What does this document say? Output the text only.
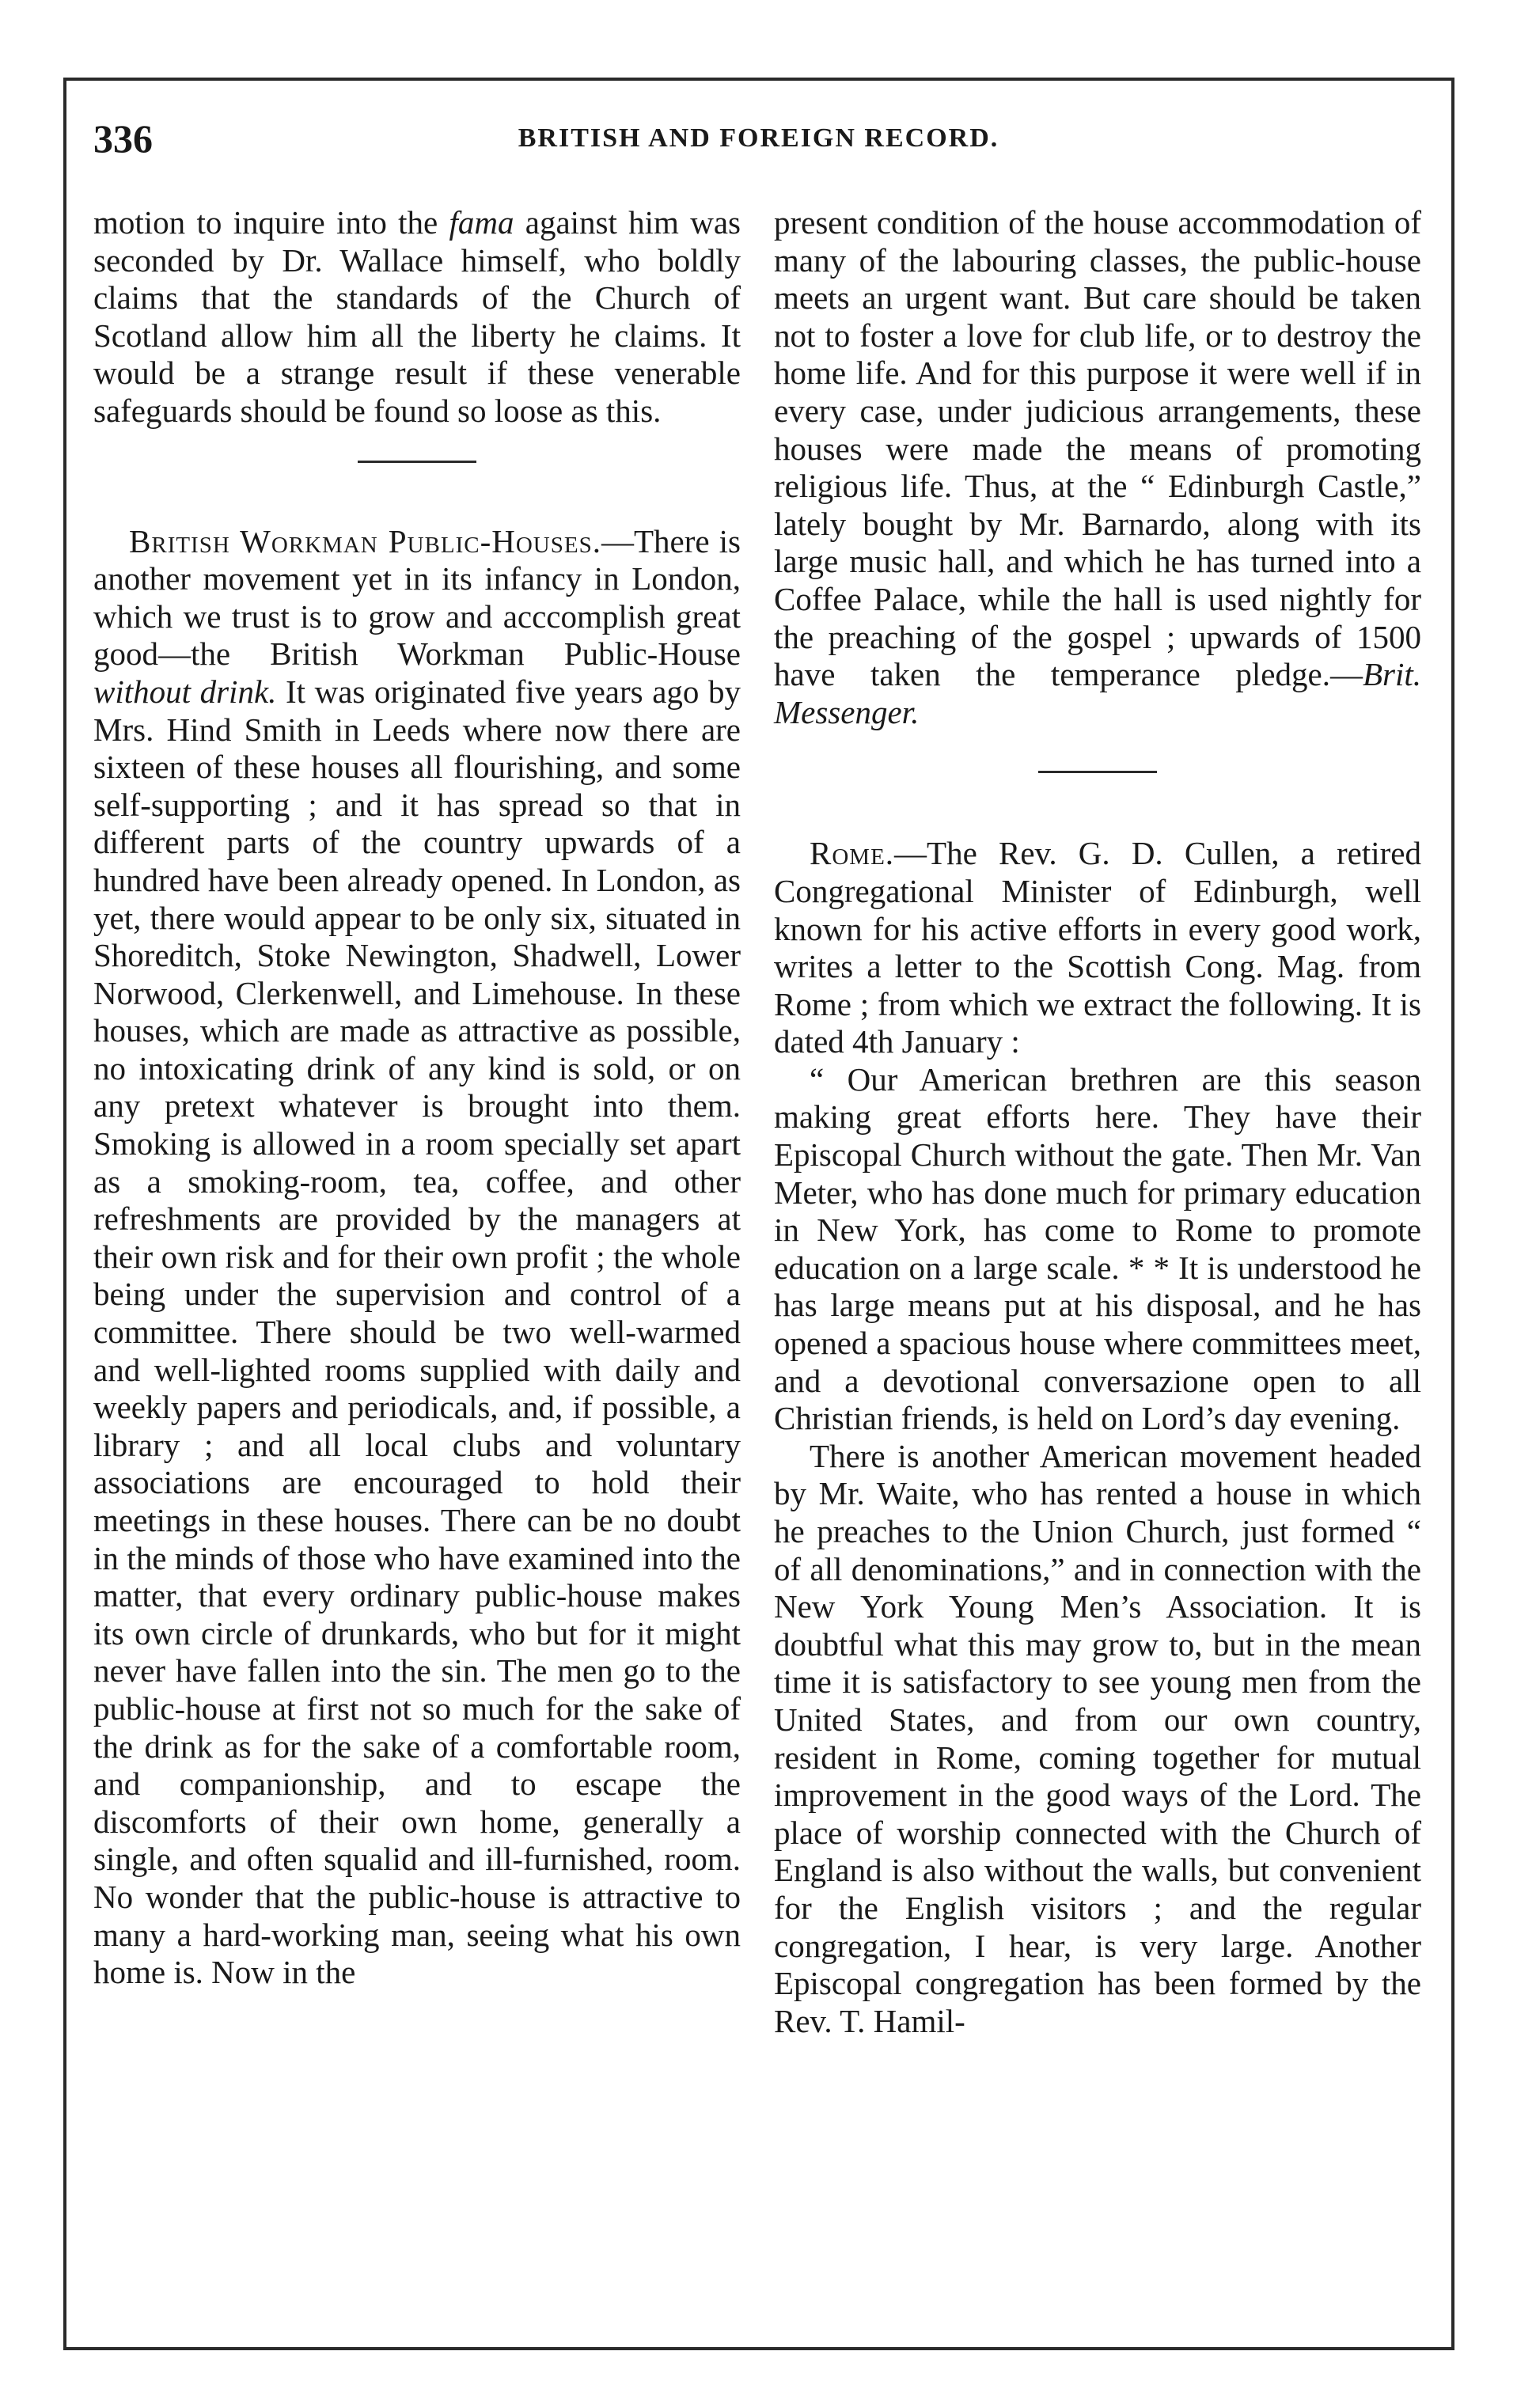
336	BRITISH AND FOREIGN RECORD.

motion to inquire into the fama against him was seconded by Dr. Wallace himself, who boldly claims that the standards of the Church of Scotland allow him all the liberty he claims. It would be a strange result if these venerable safeguards should be found so loose as this.

British Workman Public-Houses.—There is another movement yet in its infancy in London, which we trust is to grow and acccomplish great good—the British Workman Public-House without drink. It was originated five years ago by Mrs. Hind Smith in Leeds where now there are sixteen of these houses all flourishing, and some self-supporting ; and it has spread so that in different parts of the country upwards of a hundred have been already opened. In London, as yet, there would appear to be only six, situated in Shoreditch, Stoke Newington, Shadwell, Lower Norwood, Clerkenwell, and Limehouse. In these houses, which are made as attractive as possible, no intoxicating drink of any kind is sold, or on any pretext whatever is brought into them. Smoking is allowed in a room specially set apart as a smoking-room, tea, coffee, and other refreshments are provided by the managers at their own risk and for their own profit ; the whole being under the supervision and control of a committee. There should be two well-warmed and well-lighted rooms supplied with daily and weekly papers and periodicals, and, if possible, a library ; and all local clubs and voluntary associations are encouraged to hold their meetings in these houses. There can be no doubt in the minds of those who have examined into the matter, that every ordinary public-house makes its own circle of drunkards, who but for it might never have fallen into the sin. The men go to the public-house at first not so much for the sake of the drink as for the sake of a comfortable room, and companionship, and to escape the discomforts of their own home, generally a single, and often squalid and ill-furnished, room. No wonder that the public-house is attractive to many a hard-working man, seeing what his own home is. Now in the

present condition of the house accommodation of many of the labouring classes, the public-house meets an urgent want. But care should be taken not to foster a love for club life, or to destroy the home life. And for this purpose it were well if in every case, under judicious arrangements, these houses were made the means of promoting religious life. Thus, at the “ Edinburgh Castle,” lately bought by Mr. Barnardo, along with its large music hall, and which he has turned into a Coffee Palace, while the hall is used nightly for the preaching of the gospel ; upwards of 1500 have taken the temperance pledge.—Brit. Messenger.

Rome.—The Rev. G. D. Cullen, a retired Congregational Minister of Edinburgh, well known for his active efforts in every good work, writes a letter to the Scottish Cong. Mag. from Rome ; from which we extract the following. It is dated 4th January :

“ Our American brethren are this season making great efforts here. They have their Episcopal Church without the gate. Then Mr. Van Meter, who has done much for primary education in New York, has come to Rome to promote education on a large scale. * * It is understood he has large means put at his disposal, and he has opened a spacious house where committees meet, and a devotional conversazione open to all Christian friends, is held on Lord’s day evening.

There is another American movement headed by Mr. Waite, who has rented a house in which he preaches to the Union Church, just formed “ of all denominations,” and in connection with the New York Young Men’s Association. It is doubtful what this may grow to, but in the mean time it is satisfactory to see young men from the United States, and from our own country, resident in Rome, coming together for mutual improvement in the good ways of the Lord. The place of worship connected with the Church of England is also without the walls, but convenient for the English visitors ; and the regular congregation, I hear, is very large. Another Episcopal congregation has been formed by the Rev. T. Hamil-
